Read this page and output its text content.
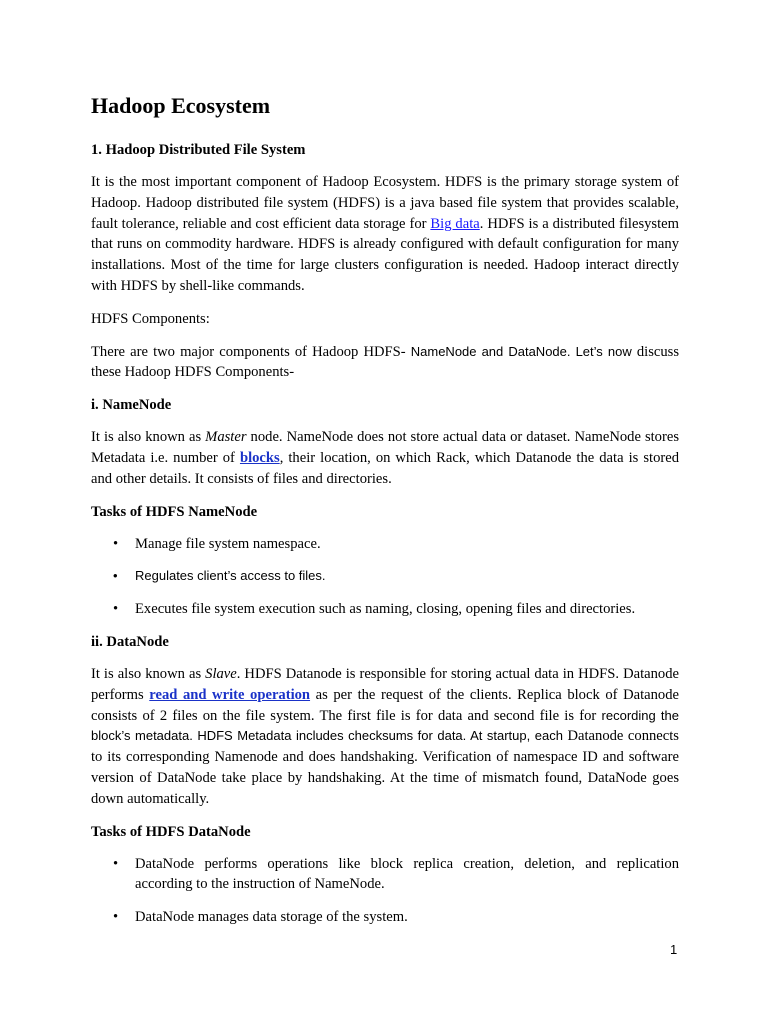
Hadoop Ecosystem
1. Hadoop Distributed File System

It is the most important component of Hadoop Ecosystem. HDFS is the primary storage system of Hadoop. Hadoop distributed file system (HDFS) is a java based file system that provides scalable, fault tolerance, reliable and cost efficient data storage for Big data. HDFS is a distributed filesystem that runs on commodity hardware. HDFS is already configured with default configuration for many installations. Most of the time for large clusters configuration is needed. Hadoop interact directly with HDFS by shell-like commands.

HDFS Components:

There are two major components of Hadoop HDFS- NameNode and DataNode. Let’s now discuss these Hadoop HDFS Components-

i. NameNode

It is also known as Master node. NameNode does not store actual data or dataset. NameNode stores Metadata i.e. number of blocks, their location, on which Rack, which Datanode the data is stored and other details. It consists of files and directories.

Tasks of HDFS NameNode
• Manage file system namespace.
• Regulates client’s access to files.
• Executes file system execution such as naming, closing, opening files and directories.
ii. DataNode

It is also known as Slave. HDFS Datanode is responsible for storing actual data in HDFS. Datanode performs read and write operation as per the request of the clients. Replica block of Datanode consists of 2 files on the file system. The first file is for data and second file is for recording the block’s metadata. HDFS Metadata includes checksums for data. At startup, each Datanode connects to its corresponding Namenode and does handshaking. Verification of namespace ID and software version of DataNode take place by handshaking. At the time of mismatch found, DataNode goes down automatically.

Tasks of HDFS DataNode
• DataNode performs operations like block replica creation, deletion, and replication according to the instruction of NameNode.
• DataNode manages data storage of the system.
1
